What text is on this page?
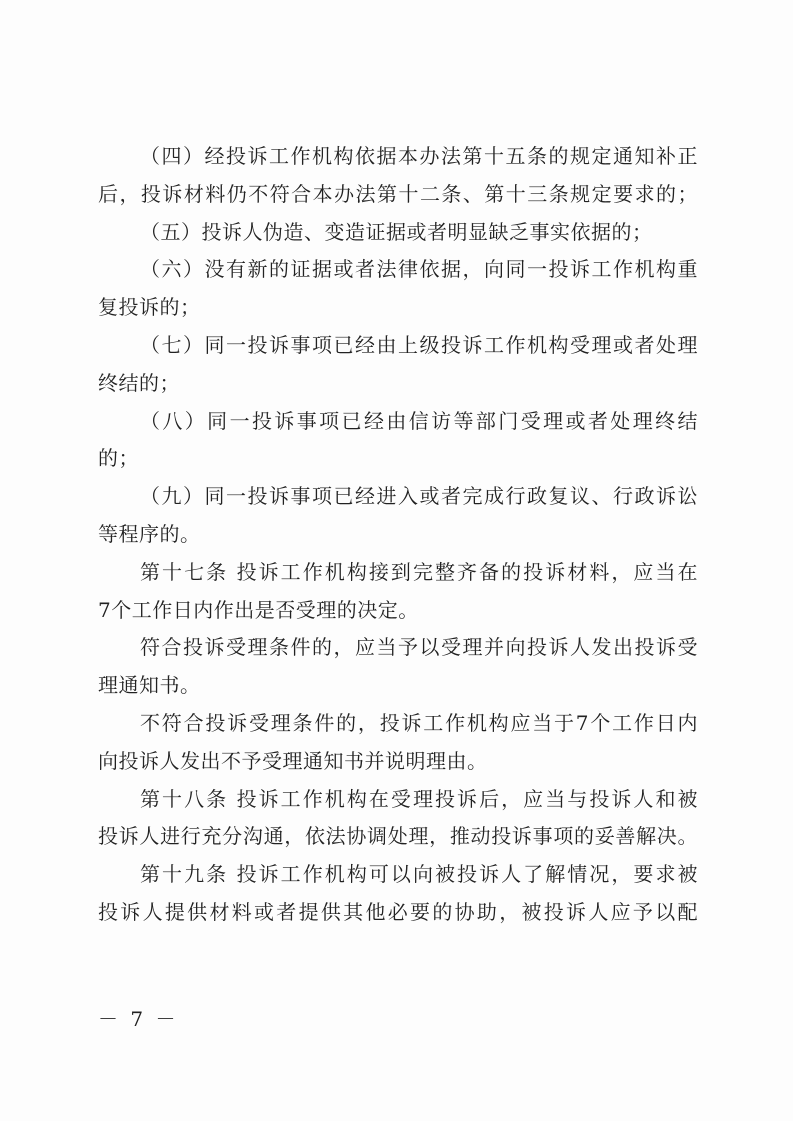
（四）经投诉工作机构依据本办法第十五条的规定通知补正
后，投诉材料仍不符合本办法第十二条、第十三条规定要求的；
（五）投诉人伪造、变造证据或者明显缺乏事实依据的；
（六）没有新的证据或者法律依据，向同一投诉工作机构重
复投诉的；
（七）同一投诉事项已经由上级投诉工作机构受理或者处理
终结的；
（八）同一投诉事项已经由信访等部门受理或者处理终结
的；
（九）同一投诉事项已经进入或者完成行政复议、行政诉讼
等程序的。
第十七条 投诉工作机构接到完整齐备的投诉材料，应当在
7个工作日内作出是否受理的决定。
符合投诉受理条件的，应当予以受理并向投诉人发出投诉受
理通知书。
不符合投诉受理条件的，投诉工作机构应当于7个工作日内
向投诉人发出不予受理通知书并说明理由。
第十八条 投诉工作机构在受理投诉后，应当与投诉人和被
投诉人进行充分沟通，依法协调处理，推动投诉事项的妥善解决。
第十九条 投诉工作机构可以向被投诉人了解情况，要求被
投诉人提供材料或者提供其他必要的协助，被投诉人应予以配
－ 7 －
